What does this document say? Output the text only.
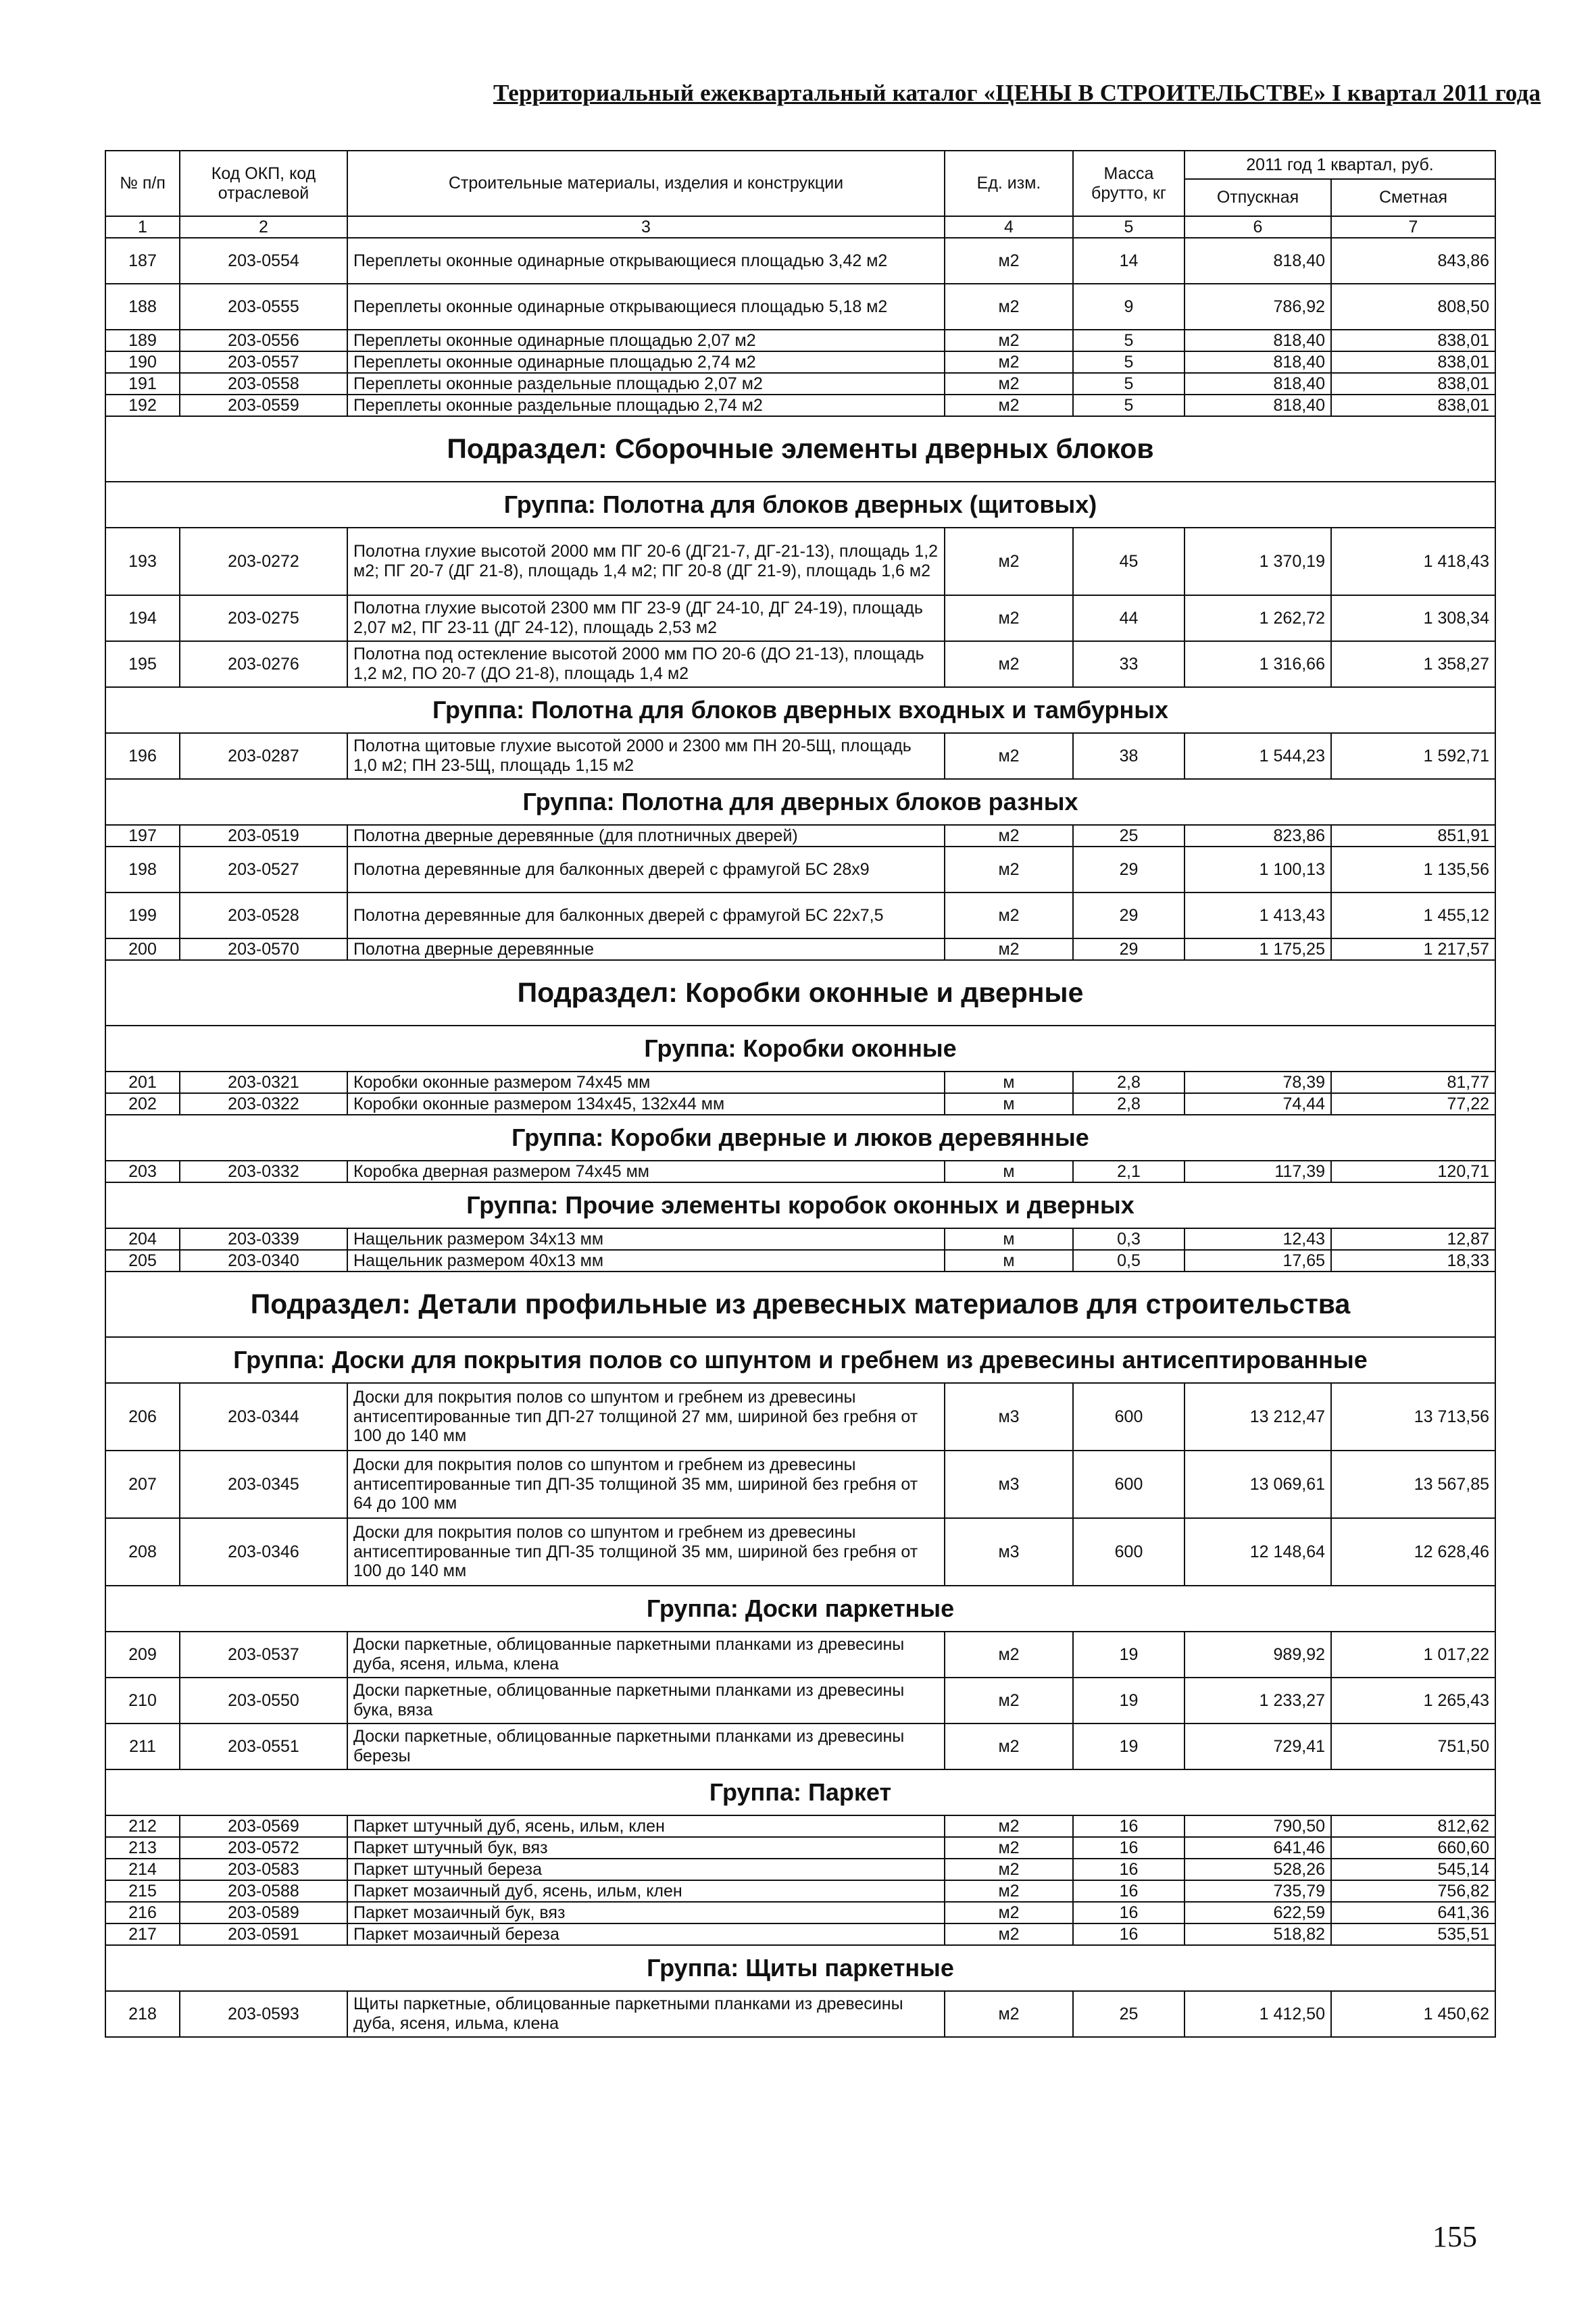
Территориальный ежеквартальный каталог «ЦЕНЫ В СТРОИТЕЛЬСТВЕ» I квартал 2011 года
№ п/п	Код ОКП, код отраслевой	Строительные материалы, изделия и конструкции	Ед. изм.	Масса брутто, кг	2011 год 1 квартал, руб.	
					Отпускная	Сметная
1	2	3	4	5	6	7
187	203-0554	Переплеты оконные одинарные открывающиеся площадью 3,42 м2	м2	14	818,40	843,86
188	203-0555	Переплеты оконные одинарные открывающиеся площадью 5,18 м2	м2	9	786,92	808,50
189	203-0556	Переплеты оконные одинарные площадью 2,07 м2	м2	5	818,40	838,01
190	203-0557	Переплеты оконные одинарные площадью 2,74 м2	м2	5	818,40	838,01
191	203-0558	Переплеты оконные раздельные площадью 2,07 м2	м2	5	818,40	838,01
192	203-0559	Переплеты оконные раздельные площадью 2,74 м2	м2	5	818,40	838,01
Подраздел: Сборочные элементы дверных блоков						
Группа: Полотна для блоков дверных (щитовых)						
193	203-0272	Полотна глухие высотой 2000 мм ПГ 20-6 (ДГ21-7, ДГ-21-13), площадь 1,2 м2; ПГ 20-7 (ДГ 21-8), площадь 1,4 м2; ПГ 20-8 (ДГ 21-9), площадь 1,6 м2	м2	45	1 370,19	1 418,43
194	203-0275	Полотна глухие высотой 2300 мм ПГ 23-9 (ДГ 24-10, ДГ 24-19), площадь 2,07 м2, ПГ 23-11 (ДГ 24-12), площадь 2,53 м2	м2	44	1 262,72	1 308,34
195	203-0276	Полотна под остекление высотой 2000 мм ПО 20-6 (ДО 21-13), площадь 1,2 м2, ПО 20-7 (ДО 21-8), площадь 1,4 м2	м2	33	1 316,66	1 358,27
Группа: Полотна для блоков дверных входных и тамбурных						
196	203-0287	Полотна щитовые глухие высотой 2000 и 2300 мм ПН 20-5Щ, площадь 1,0 м2; ПН 23-5Щ, площадь 1,15 м2	м2	38	1 544,23	1 592,71
Группа: Полотна для дверных блоков разных						
197	203-0519	Полотна дверные деревянные (для плотничных дверей)	м2	25	823,86	851,91
198	203-0527	Полотна деревянные для балконных дверей с фрамугой БС 28х9	м2	29	1 100,13	1 135,56
199	203-0528	Полотна деревянные для балконных дверей с фрамугой БС 22х7,5	м2	29	1 413,43	1 455,12
200	203-0570	Полотна дверные деревянные	м2	29	1 175,25	1 217,57
Подраздел: Коробки оконные и дверные						
Группа: Коробки оконные						
201	203-0321	Коробки оконные размером 74х45 мм	м	2,8	78,39	81,77
202	203-0322	Коробки оконные размером 134х45, 132х44 мм	м	2,8	74,44	77,22
Группа: Коробки дверные и люков деревянные						
203	203-0332	Коробка дверная размером 74х45 мм	м	2,1	117,39	120,71
Группа: Прочие элементы коробок оконных и дверных						
204	203-0339	Нащельник размером 34х13 мм	м	0,3	12,43	12,87
205	203-0340	Нащельник размером 40х13 мм	м	0,5	17,65	18,33
Подраздел: Детали профильные из древесных материалов для строительства						
Группа: Доски для покрытия полов со шпунтом и гребнем из древесины антисептированные						
206	203-0344	Доски для покрытия полов со шпунтом и гребнем из древесины антисептированные тип ДП-27 толщиной 27 мм, шириной без гребня от 100 до 140 мм	м3	600	13 212,47	13 713,56
207	203-0345	Доски для покрытия полов со шпунтом и гребнем из древесины антисептированные тип ДП-35 толщиной 35 мм, шириной без гребня от 64 до 100 мм	м3	600	13 069,61	13 567,85
208	203-0346	Доски для покрытия полов со шпунтом и гребнем из древесины антисептированные тип ДП-35 толщиной 35 мм, шириной без гребня от 100 до 140 мм	м3	600	12 148,64	12 628,46
Группа: Доски паркетные						
209	203-0537	Доски паркетные, облицованные паркетными планками из древесины дуба, ясеня, ильма, клена	м2	19	989,92	1 017,22
210	203-0550	Доски паркетные, облицованные паркетными планками из древесины бука, вяза	м2	19	1 233,27	1 265,43
211	203-0551	Доски паркетные, облицованные паркетными планками из древесины березы	м2	19	729,41	751,50
Группа: Паркет						
212	203-0569	Паркет штучный дуб, ясень, ильм, клен	м2	16	790,50	812,62
213	203-0572	Паркет штучный бук, вяз	м2	16	641,46	660,60
214	203-0583	Паркет штучный береза	м2	16	528,26	545,14
215	203-0588	Паркет мозаичный дуб, ясень, ильм, клен	м2	16	735,79	756,82
216	203-0589	Паркет мозаичный бук, вяз	м2	16	622,59	641,36
217	203-0591	Паркет мозаичный береза	м2	16	518,82	535,51
Группа: Щиты паркетные						
218	203-0593	Щиты паркетные, облицованные паркетными планками из древесины дуба, ясеня, ильма, клена	м2	25	1 412,50	1 450,62
155
